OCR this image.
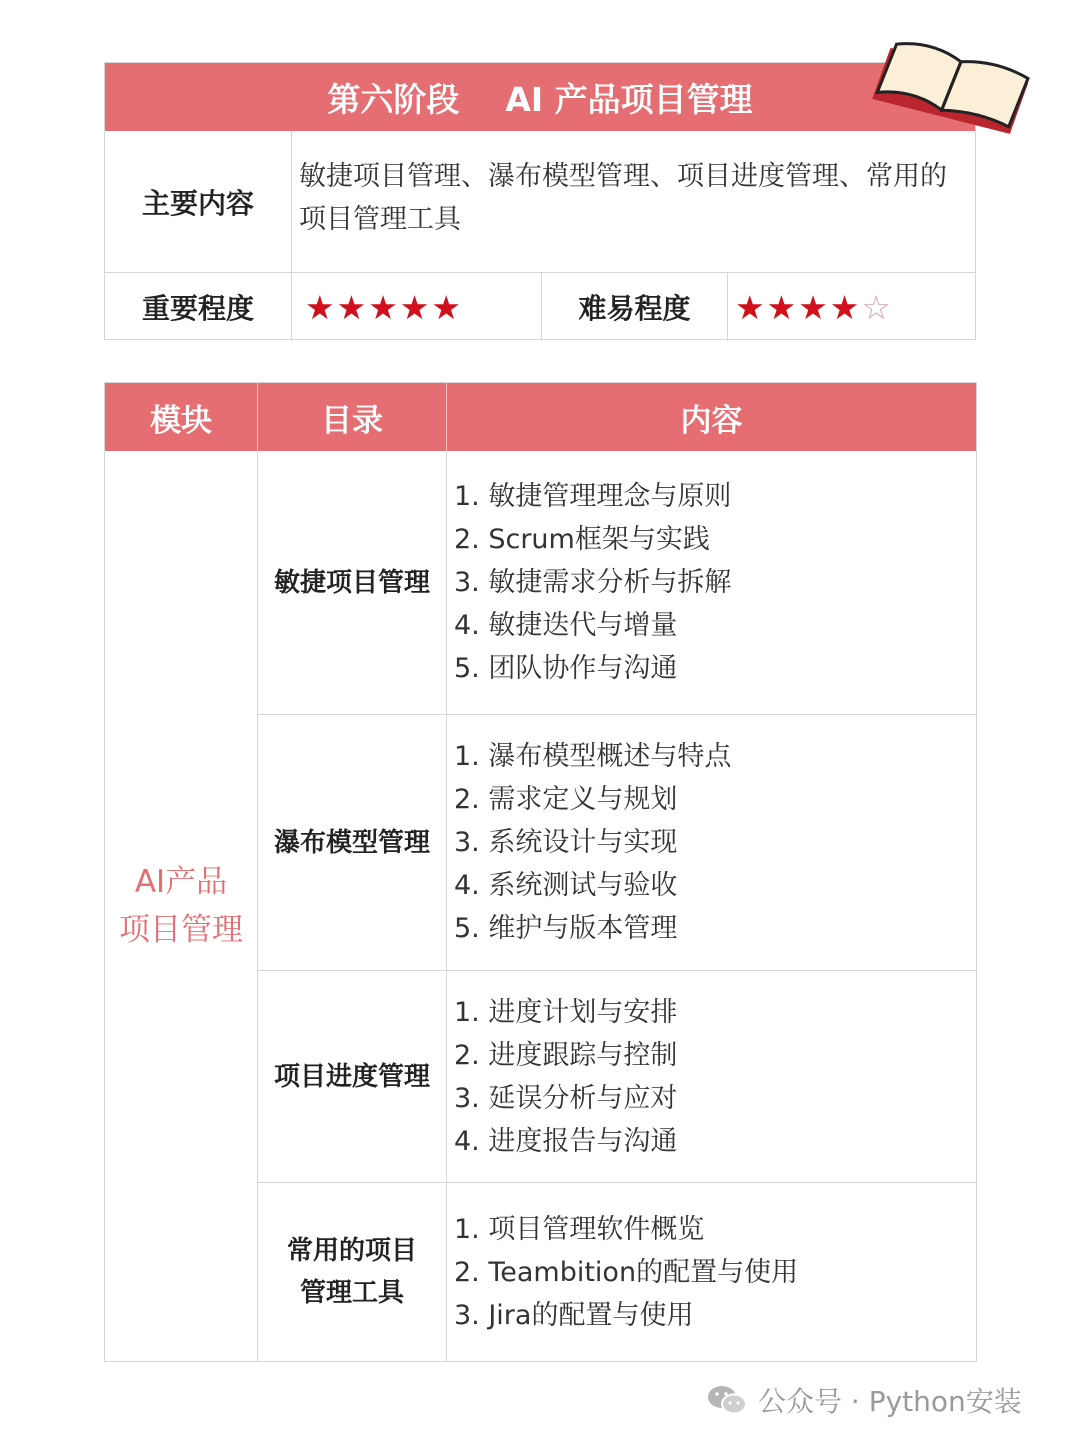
第六阶段    AI 产品项目管理
主要内容
敏捷项目管理、瀑布模型管理、项目进度管理、常用的项目管理工具
重要程度	★ ★ ★ ★ ★	难易程度	★ ★ ★ ★ ☆
模块	目录	内容
AI产品
项目管理
敏捷项目管理
1. 敏捷管理理念与原则
2. Scrum框架与实践
3. 敏捷需求分析与拆解
4. 敏捷迭代与增量
5. 团队协作与沟通
瀑布模型管理
1. 瀑布模型概述与特点
2. 需求定义与规划
3. 系统设计与实现
4. 系统测试与验收
5. 维护与版本管理
项目进度管理
1. 进度计划与安排
2. 进度跟踪与控制
3. 延误分析与应对
4. 进度报告与沟通
常用的项目
管理工具
1. 项目管理软件概览
2. Teambition的配置与使用
3. Jira的配置与使用
公众号 · Python安装
